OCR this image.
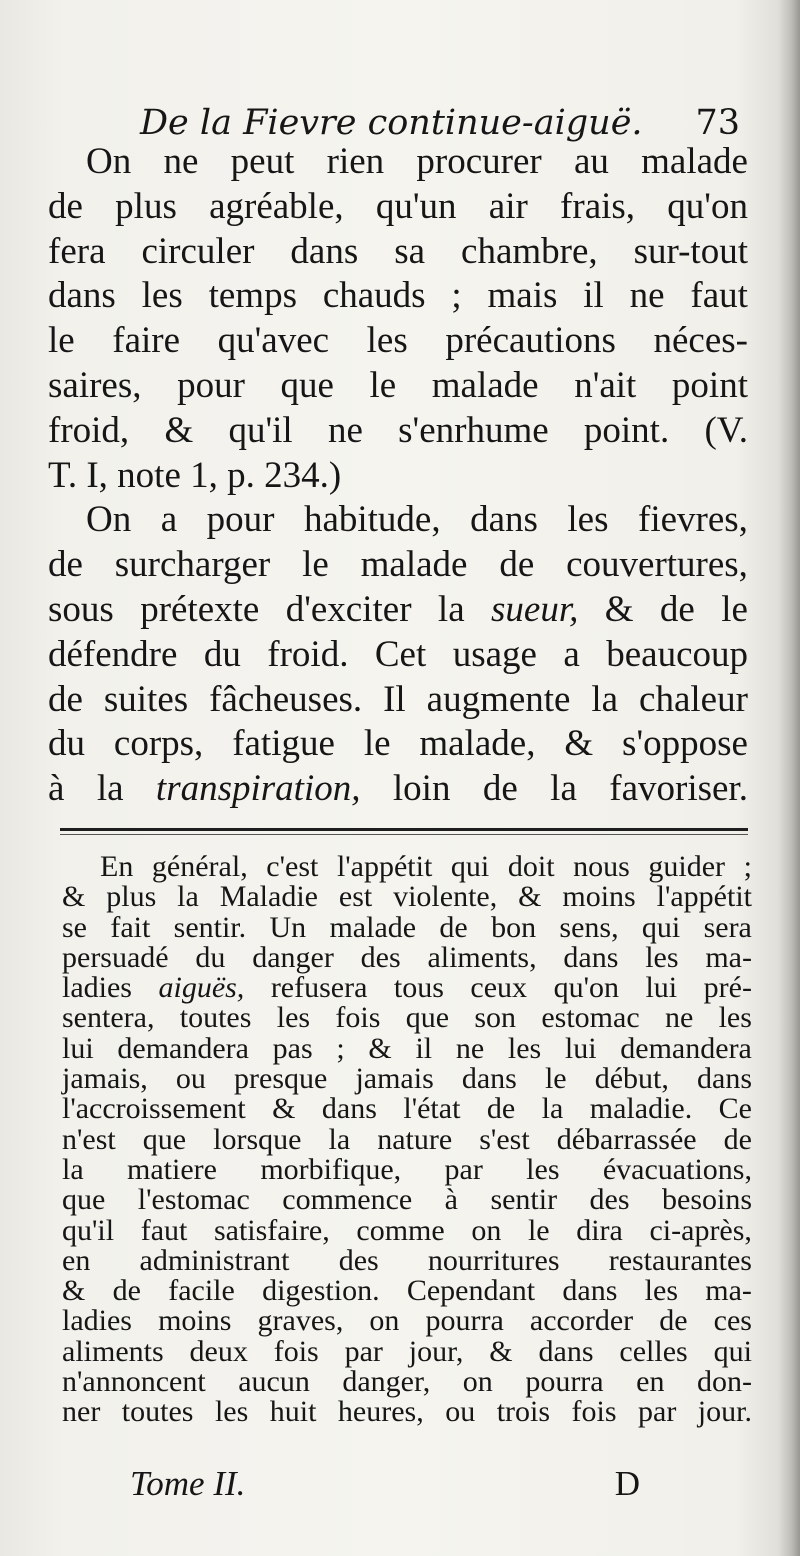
De la Fievre continue-aiguë. 73
On ne peut rien procurer au malade
de plus agréable, qu'un air frais, qu'on
fera circuler dans sa chambre, sur-tout
dans les temps chauds ; mais il ne faut
le faire qu'avec les précautions néces-
saires, pour que le malade n'ait point
froid, & qu'il ne s'enrhume point. (V.
T. I, note 1, p. 234.)
On a pour habitude, dans les fievres,
de surcharger le malade de couvertures,
sous prétexte d'exciter la sueur, & de le
défendre du froid. Cet usage a beaucoup
de suites fâcheuses. Il augmente la chaleur
du corps, fatigue le malade, & s'oppose
à la transpiration, loin de la favoriser.
En général, c'est l'appétit qui doit nous guider ;
& plus la Maladie est violente, & moins l'appétit
se fait sentir. Un malade de bon sens, qui sera
persuadé du danger des aliments, dans les ma-
ladies aiguës, refusera tous ceux qu'on lui pré-
sentera, toutes les fois que son estomac ne les
lui demandera pas ; & il ne les lui demandera
jamais, ou presque jamais dans le début, dans
l'accroissement & dans l'état de la maladie. Ce
n'est que lorsque la nature s'est débarrassée de
la matiere morbifique, par les évacuations,
que l'estomac commence à sentir des besoins
qu'il faut satisfaire, comme on le dira ci-après,
en administrant des nourritures restaurantes
& de facile digestion. Cependant dans les ma-
ladies moins graves, on pourra accorder de ces
aliments deux fois par jour, & dans celles qui
n'annoncent aucun danger, on pourra en don-
ner toutes les huit heures, ou trois fois par jour.
Tome II.	D
